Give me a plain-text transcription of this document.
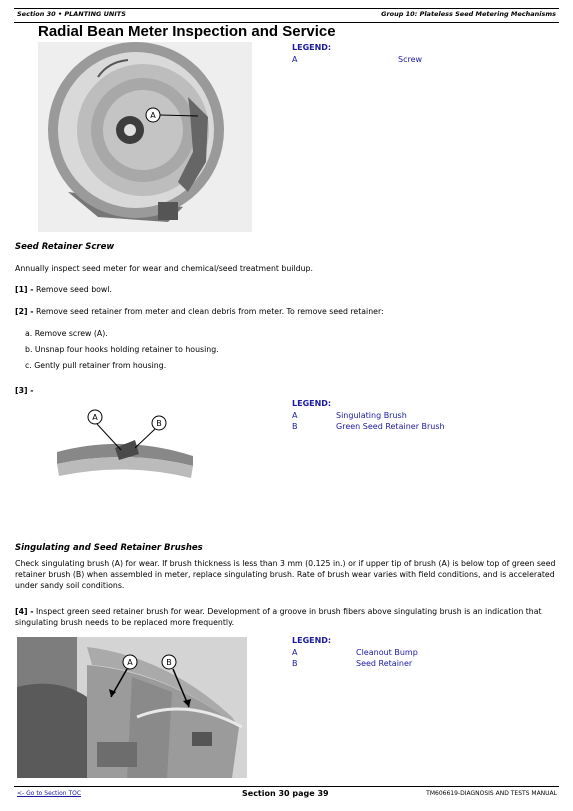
Section 30 • PLANTING UNITS	Group 10: Plateless Seed Metering Mechanisms
Radial Bean Meter Inspection and Service
A
LEGEND:
A	Screw
Seed Retainer Screw
Annually inspect seed meter for wear and chemical/seed treatment buildup.
[1] - Remove seed bowl.
[2] - Remove seed retainer from meter and clean debris from meter. To remove seed retainer:
a. Remove screw (A).
b. Unsnap four hooks holding retainer to housing.
c. Gently pull retainer from housing.
[3] -
A
B
LEGEND:
A	Singulating Brush
B	Green Seed Retainer Brush
Singulating and Seed Retainer Brushes
Check singulating brush (A) for wear. If brush thickness is less than 3 mm (0.125 in.) or if upper tip of brush (A) is below top of green seed retainer brush (B) when assembled in meter, replace singulating brush. Rate of brush wear varies with field conditions, and is accelerated under sandy soil conditions.
[4] - Inspect green seed retainer brush for wear. Development of a groove in brush fibers above singulating brush is an indication that singulating brush needs to be replaced more frequently.
A	B
LEGEND:
A	Cleanout Bump
B	Seed Retainer
<- Go to Section TOC	Section 30 page 39	TM606619-DIAGNOSIS AND TESTS MANUAL
